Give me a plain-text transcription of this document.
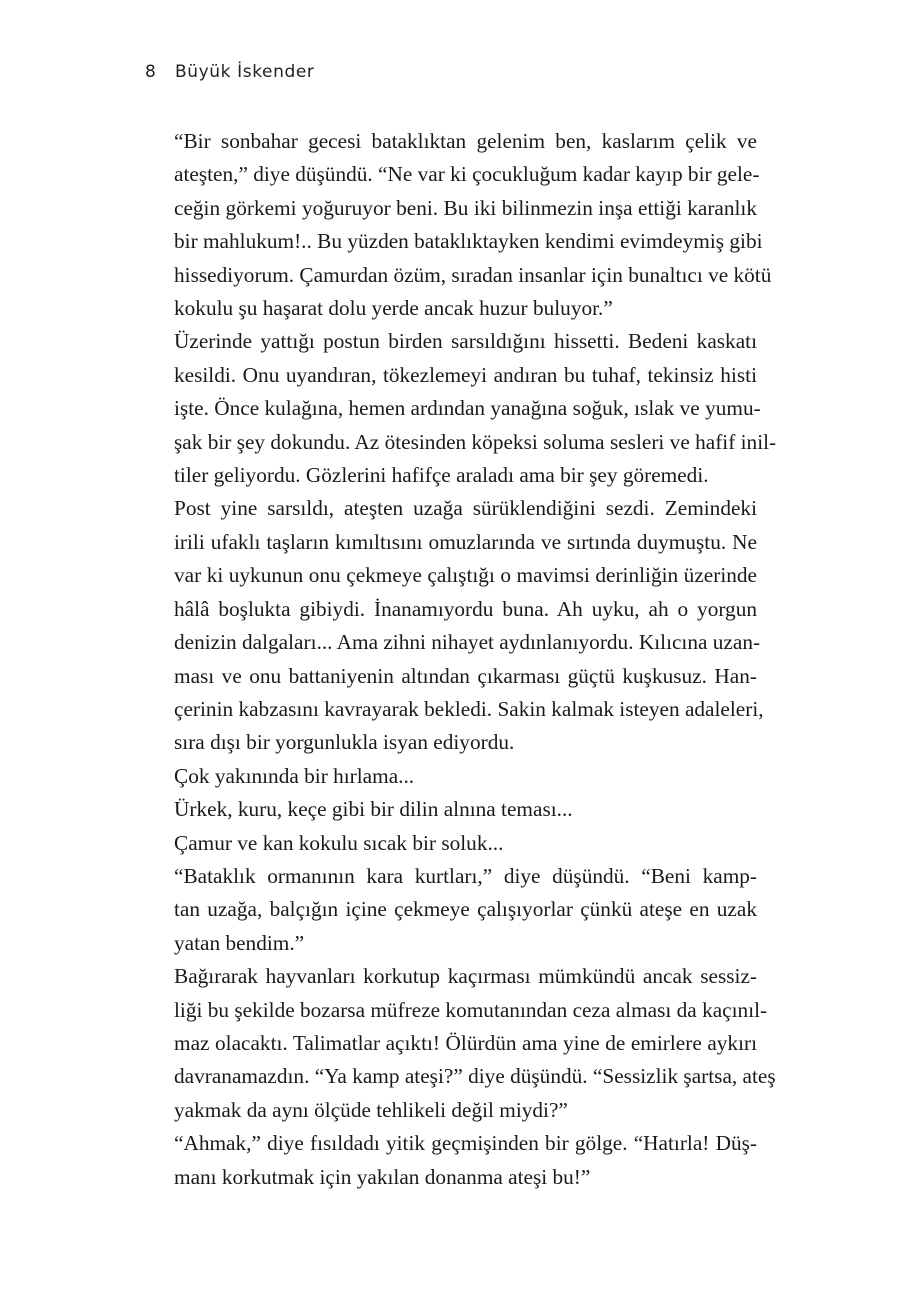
8 Büyük İskender

“Bir sonbahar gecesi bataklıktan gelenim ben, kaslarım çelik ve
ateşten,” diye düşündü. “Ne var ki çocukluğum kadar kayıp bir gele-
ceğin görkemi yoğuruyor beni. Bu iki bilinmezin inşa ettiği karanlık
bir mahlukum!.. Bu yüzden bataklıktayken kendimi evimdeymiş gibi
hissediyorum. Çamurdan özüm, sıradan insanlar için bunaltıcı ve kötü
kokulu şu haşarat dolu yerde ancak huzur buluyor.”

Üzerinde yattığı postun birden sarsıldığını hissetti. Bedeni kaskatı
kesildi. Onu uyandıran, tökezlemeyi andıran bu tuhaf, tekinsiz histi
işte. Önce kulağına, hemen ardından yanağına soğuk, ıslak ve yumu-
şak bir şey dokundu. Az ötesinden köpeksi soluma sesleri ve hafif inil-
tiler geliyordu. Gözlerini hafifçe araladı ama bir şey göremedi.

Post yine sarsıldı, ateşten uzağa sürüklendiğini sezdi. Zemindeki
irili ufaklı taşların kımıltısını omuzlarında ve sırtında duymuştu. Ne
var ki uykunun onu çekmeye çalıştığı o mavimsi derinliğin üzerinde
hâlâ boşlukta gibiydi. İnanamıyordu buna. Ah uyku, ah o yorgun
denizin dalgaları... Ama zihni nihayet aydınlanıyordu. Kılıcına uzan-
ması ve onu battaniyenin altından çıkarması güçtü kuşkusuz. Han-
çerinin kabzasını kavrayarak bekledi. Sakin kalmak isteyen adaleleri,
sıra dışı bir yorgunlukla isyan ediyordu.

Çok yakınında bir hırlama...

Ürkek, kuru, keçe gibi bir dilin alnına teması...

Çamur ve kan kokulu sıcak bir soluk...

“Bataklık ormanının kara kurtları,” diye düşündü. “Beni kamp-
tan uzağa, balçığın içine çekmeye çalışıyorlar çünkü ateşe en uzak
yatan bendim.”

Bağırarak hayvanları korkutup kaçırması mümkündü ancak sessiz-
liği bu şekilde bozarsa müfreze komutanından ceza alması da kaçınıl-
maz olacaktı. Talimatlar açıktı! Ölürdün ama yine de emirlere aykırı
davranamazdın. “Ya kamp ateşi?” diye düşündü. “Sessizlik şartsa, ateş
yakmak da aynı ölçüde tehlikeli değil miydi?”

“Ahmak,” diye fısıldadı yitik geçmişinden bir gölge. “Hatırla! Düş-
manı korkutmak için yakılan donanma ateşi bu!”
